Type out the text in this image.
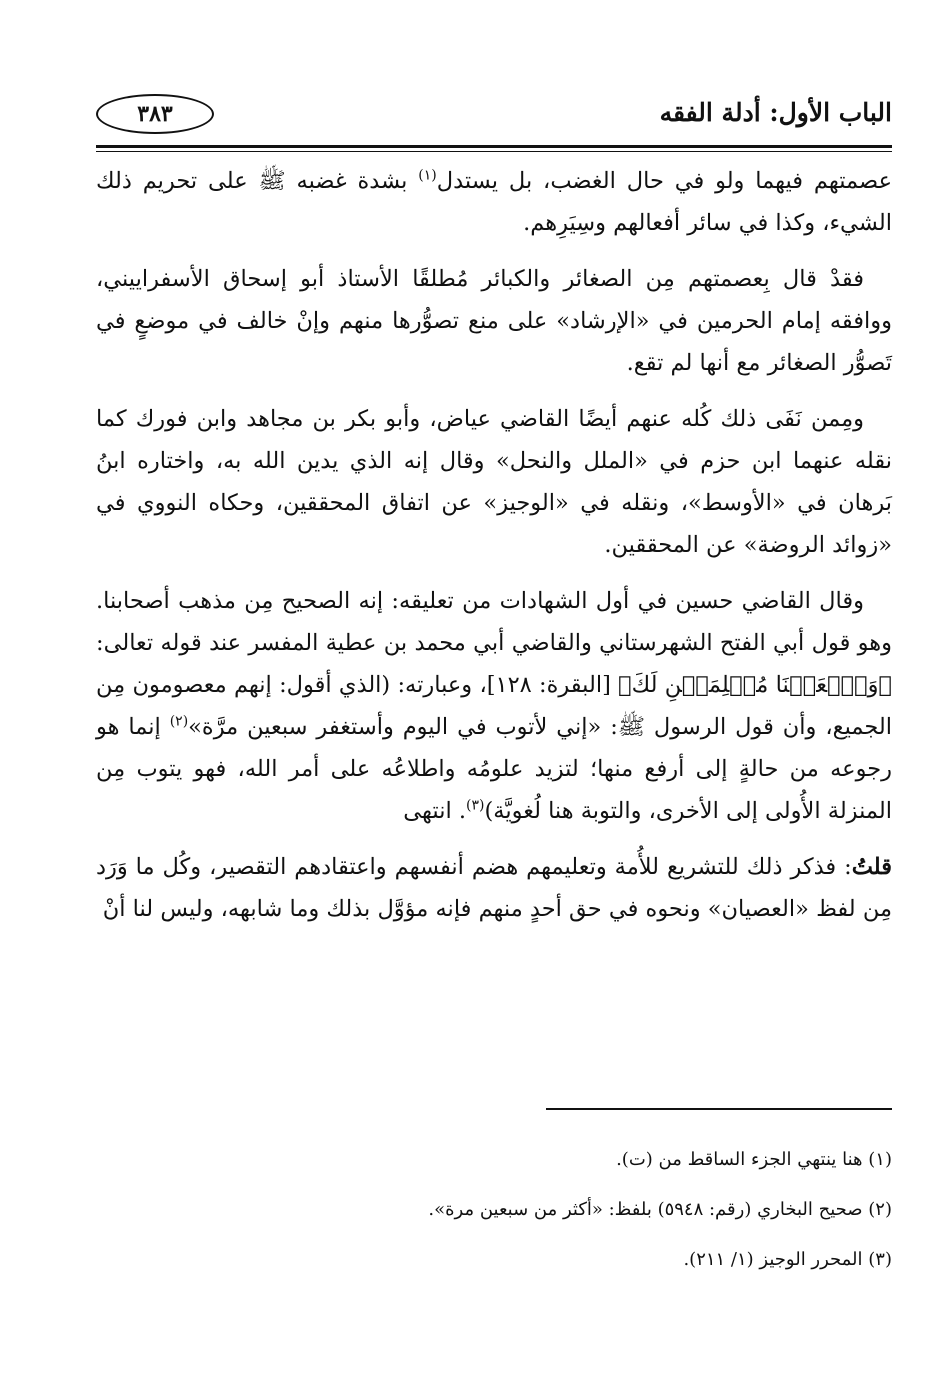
الباب الأول: أدلة الفقه
٣٨٣

عصمتهم فيهما ولو في حال الغضب، بل يستدل$^{(١)}$ بشدة غضبه ﷺ على تحريم ذلك الشيء، وكذا في سائر أفعالهم وسِيَرِهم.

فقدْ قال بِعصمتهم مِن الصغائر والكبائر مُطلقًا الأستاذ أبو إسحاق الأسفراييني، ووافقه إمام الحرمين في «الإرشاد» على منع تصوُّرها منهم وإنْ خالف في موضعٍ في تَصوُّر الصغائر مع أنها لم تقع.

ومِمن نَفَى ذلك كُله عنهم أيضًا القاضي عياض، وأبو بكر بن مجاهد وابن فورك كما نقله عنهما ابن حزم في «الملل والنحل» وقال إنه الذي يدين الله به، واختاره ابنُ بَرهان في «الأوسط»، ونقله في «الوجيز» عن اتفاق المحققين، وحكاه النووي في «زوائد الروضة» عن المحققين.

وقال القاضي حسين في أول الشهادات من تعليقه: إنه الصحيح مِن مذهب أصحابنا. وهو قول أبي الفتح الشهرستاني والقاضي أبي محمد بن عطية المفسر عند قوله تعالى: ﴿وَٱجۡعَلۡنَا مُسۡلِمَيۡنِ لَكَ﴾ [البقرة: ١٢٨]، وعبارته: (الذي أقول: إنهم معصومون مِن الجميع، وأن قول الرسول ﷺ: «إني لأتوب في اليوم وأستغفر سبعين مرَّة»$^{(٢)}$ إنما هو رجوعه من حالةٍ إلى أرفع منها؛ لتزيد علومُه واطلاعُه على أمر الله، فهو يتوب مِن المنزلة الأُولى إلى الأخرى، والتوبة هنا لُغويَّة)$^{(٣)}$. انتهى

قلتُ: فذكر ذلك للتشريع للأُمة وتعليمهم هضم أنفسهم واعتقادهم التقصير، وكُل ما وَرَد مِن لفظ «العصيان» ونحوه في حق أحدٍ منهم فإنه مؤوَّل بذلك وما شابهه، وليس لنا أنْ

(١) هنا ينتهي الجزء الساقط من (ت).
(٢) صحيح البخاري (رقم: ٥٩٤٨) بلفظ: «أكثر من سبعين مرة».
(٣) المحرر الوجيز (١/ ٢١١).
